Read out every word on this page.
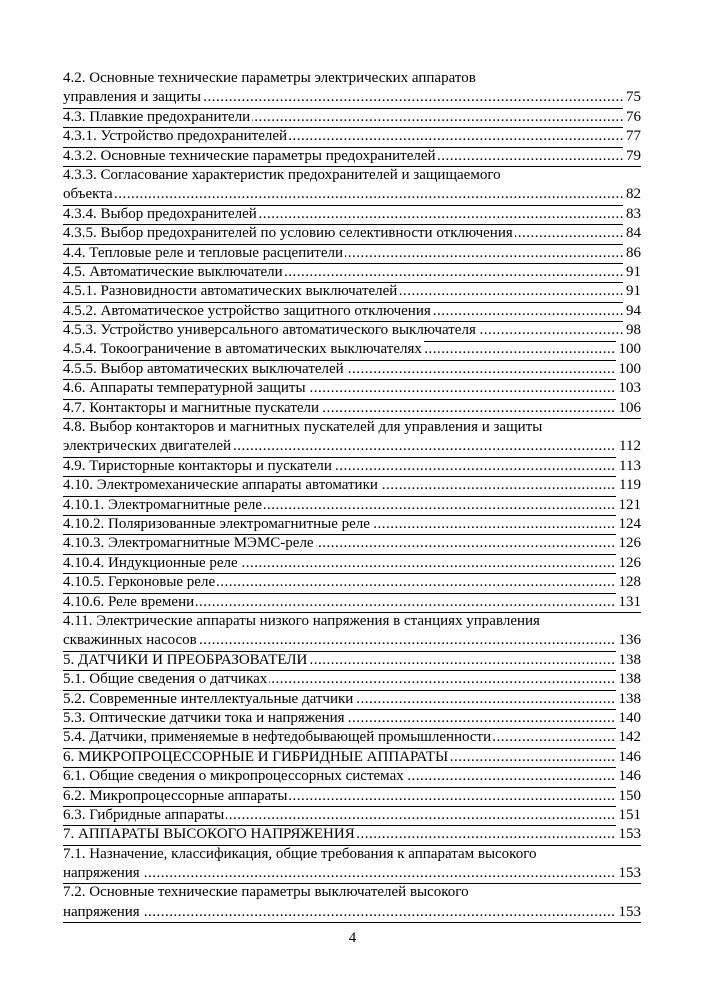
4.2. Основные технические параметры электрических аппаратов
управления и защиты .....	75
4.3. Плавкие предохранители .....	76
4.3.1. Устройство предохранителей .....	77
4.3.2. Основные технические параметры предохранителей .....	79
4.3.3. Согласование характеристик предохранителей и защищаемого
объекта .....	82
4.3.4. Выбор предохранителей .....	83
4.3.5. Выбор предохранителей по условию селективности отключения .....	84
4.4. Тепловые реле и тепловые расцепители .....	86
4.5. Автоматические выключатели .....	91
4.5.1. Разновидности автоматических выключателей .....	91
4.5.2. Автоматическое устройство защитного отключения .....	94
4.5.3. Устройство универсального автоматического выключателя .....	98
4.5.4. Токоограничение в автоматических выключателях .....	100
4.5.5. Выбор автоматических выключателей .....	100
4.6. Аппараты температурной защиты .....	103
4.7. Контакторы и магнитные пускатели .....	106
4.8. Выбор контакторов и магнитных пускателей для управления и защиты
электрических двигателей .....	112
4.9. Тиристорные контакторы и пускатели .....	113
4.10. Электромеханические аппараты автоматики .....	119
4.10.1. Электромагнитные реле .....	121
4.10.2. Поляризованные электромагнитные реле .....	124
4.10.3. Электромагнитные МЭМС-реле .....	126
4.10.4. Индукционные реле .....	126
4.10.5. Герконовые реле .....	128
4.10.6. Реле времени .....	131
4.11. Электрические аппараты низкого напряжения в станциях управления
скважинных насосов .....	136
5. ДАТЧИКИ И ПРЕОБРАЗОВАТЕЛИ .....	138
5.1. Общие сведения о датчиках .....	138
5.2. Современные интеллектуальные датчики .....	138
5.3. Оптические датчики тока и напряжения .....	140
5.4. Датчики, применяемые в нефтедобывающей промышленности .....	142
6. МИКРОПРОЦЕССОРНЫЕ И ГИБРИДНЫЕ АППАРАТЫ .....	146
6.1. Общие сведения о микропроцессорных системах .....	146
6.2. Микропроцессорные аппараты .....	150
6.3. Гибридные аппараты .....	151
7. АППАРАТЫ ВЫСОКОГО НАПРЯЖЕНИЯ .....	153
7.1. Назначение, классификация, общие требования к аппаратам высокого
напряжения .....	153
7.2. Основные технические параметры выключателей высокого
напряжения .....	153
4
